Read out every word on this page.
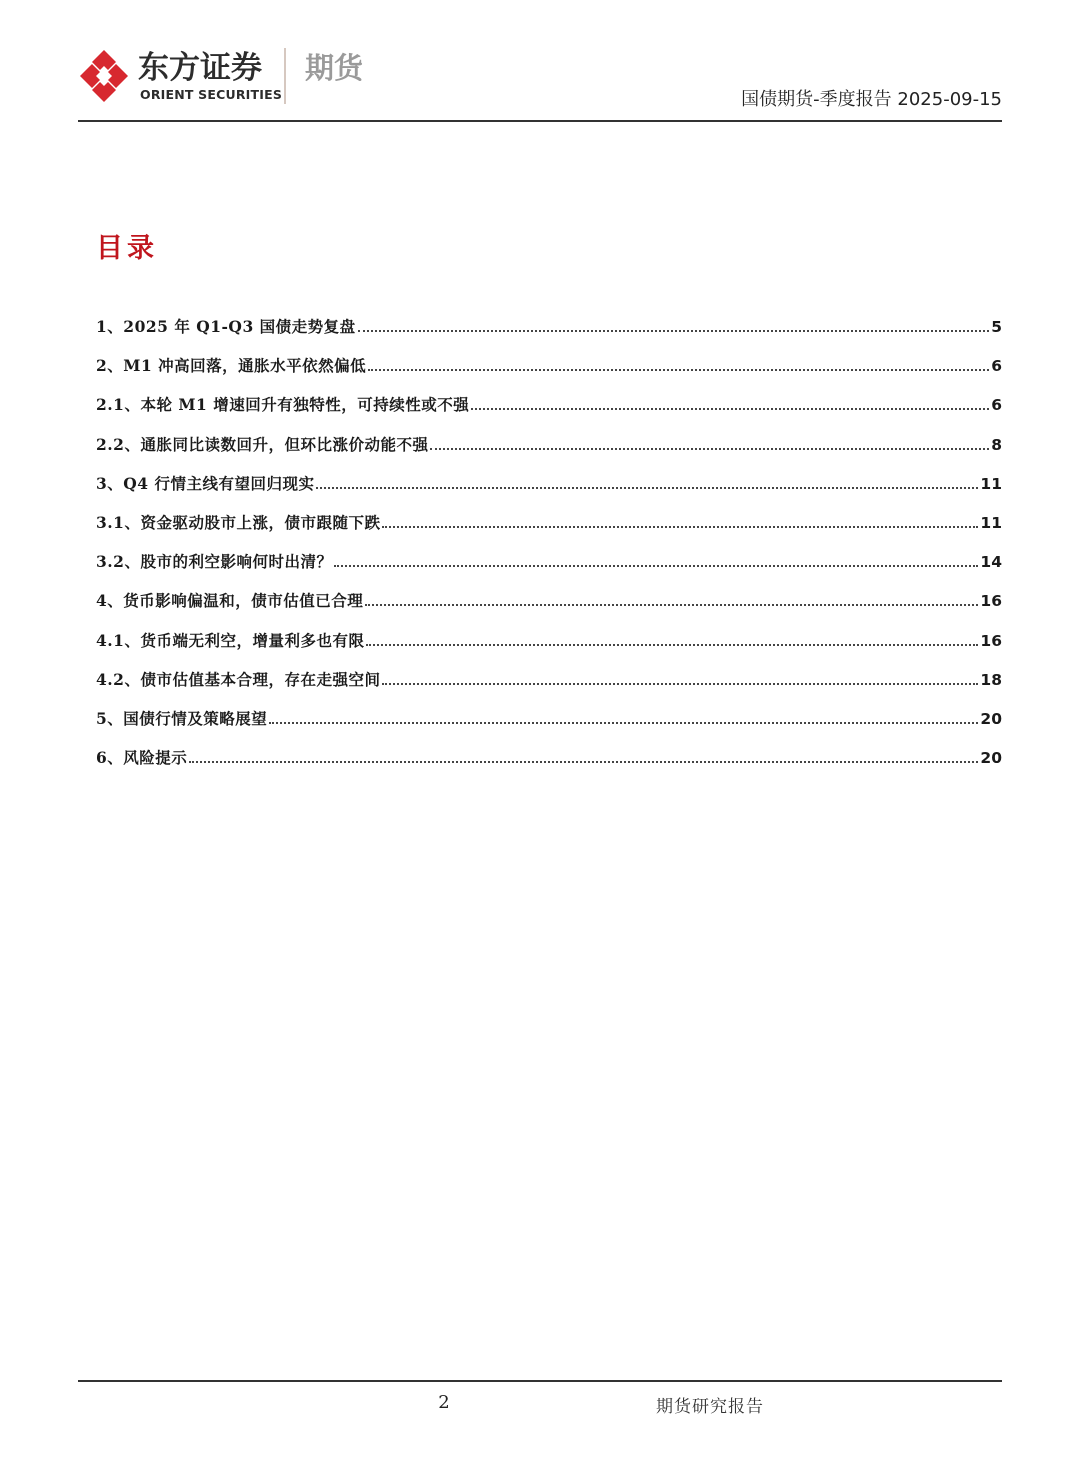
东方证券
ORIENT SECURITIES
期货
国债期货-季度报告 2025-09-15
目录
1、2025 年 Q1-Q3 国债走势复盘	5
2、M1 冲高回落，通胀水平依然偏低	6
2.1、本轮 M1 增速回升有独特性，可持续性或不强	6
2.2、通胀同比读数回升，但环比涨价动能不强	8
3、Q4 行情主线有望回归现实	11
3.1、资金驱动股市上涨，债市跟随下跌	11
3.2、股市的利空影响何时出清？	14
4、货币影响偏温和，债市估值已合理	16
4.1、货币端无利空，增量利多也有限	16
4.2、债市估值基本合理，存在走强空间	18
5、国债行情及策略展望	20
6、风险提示	20
2	期货研究报告
